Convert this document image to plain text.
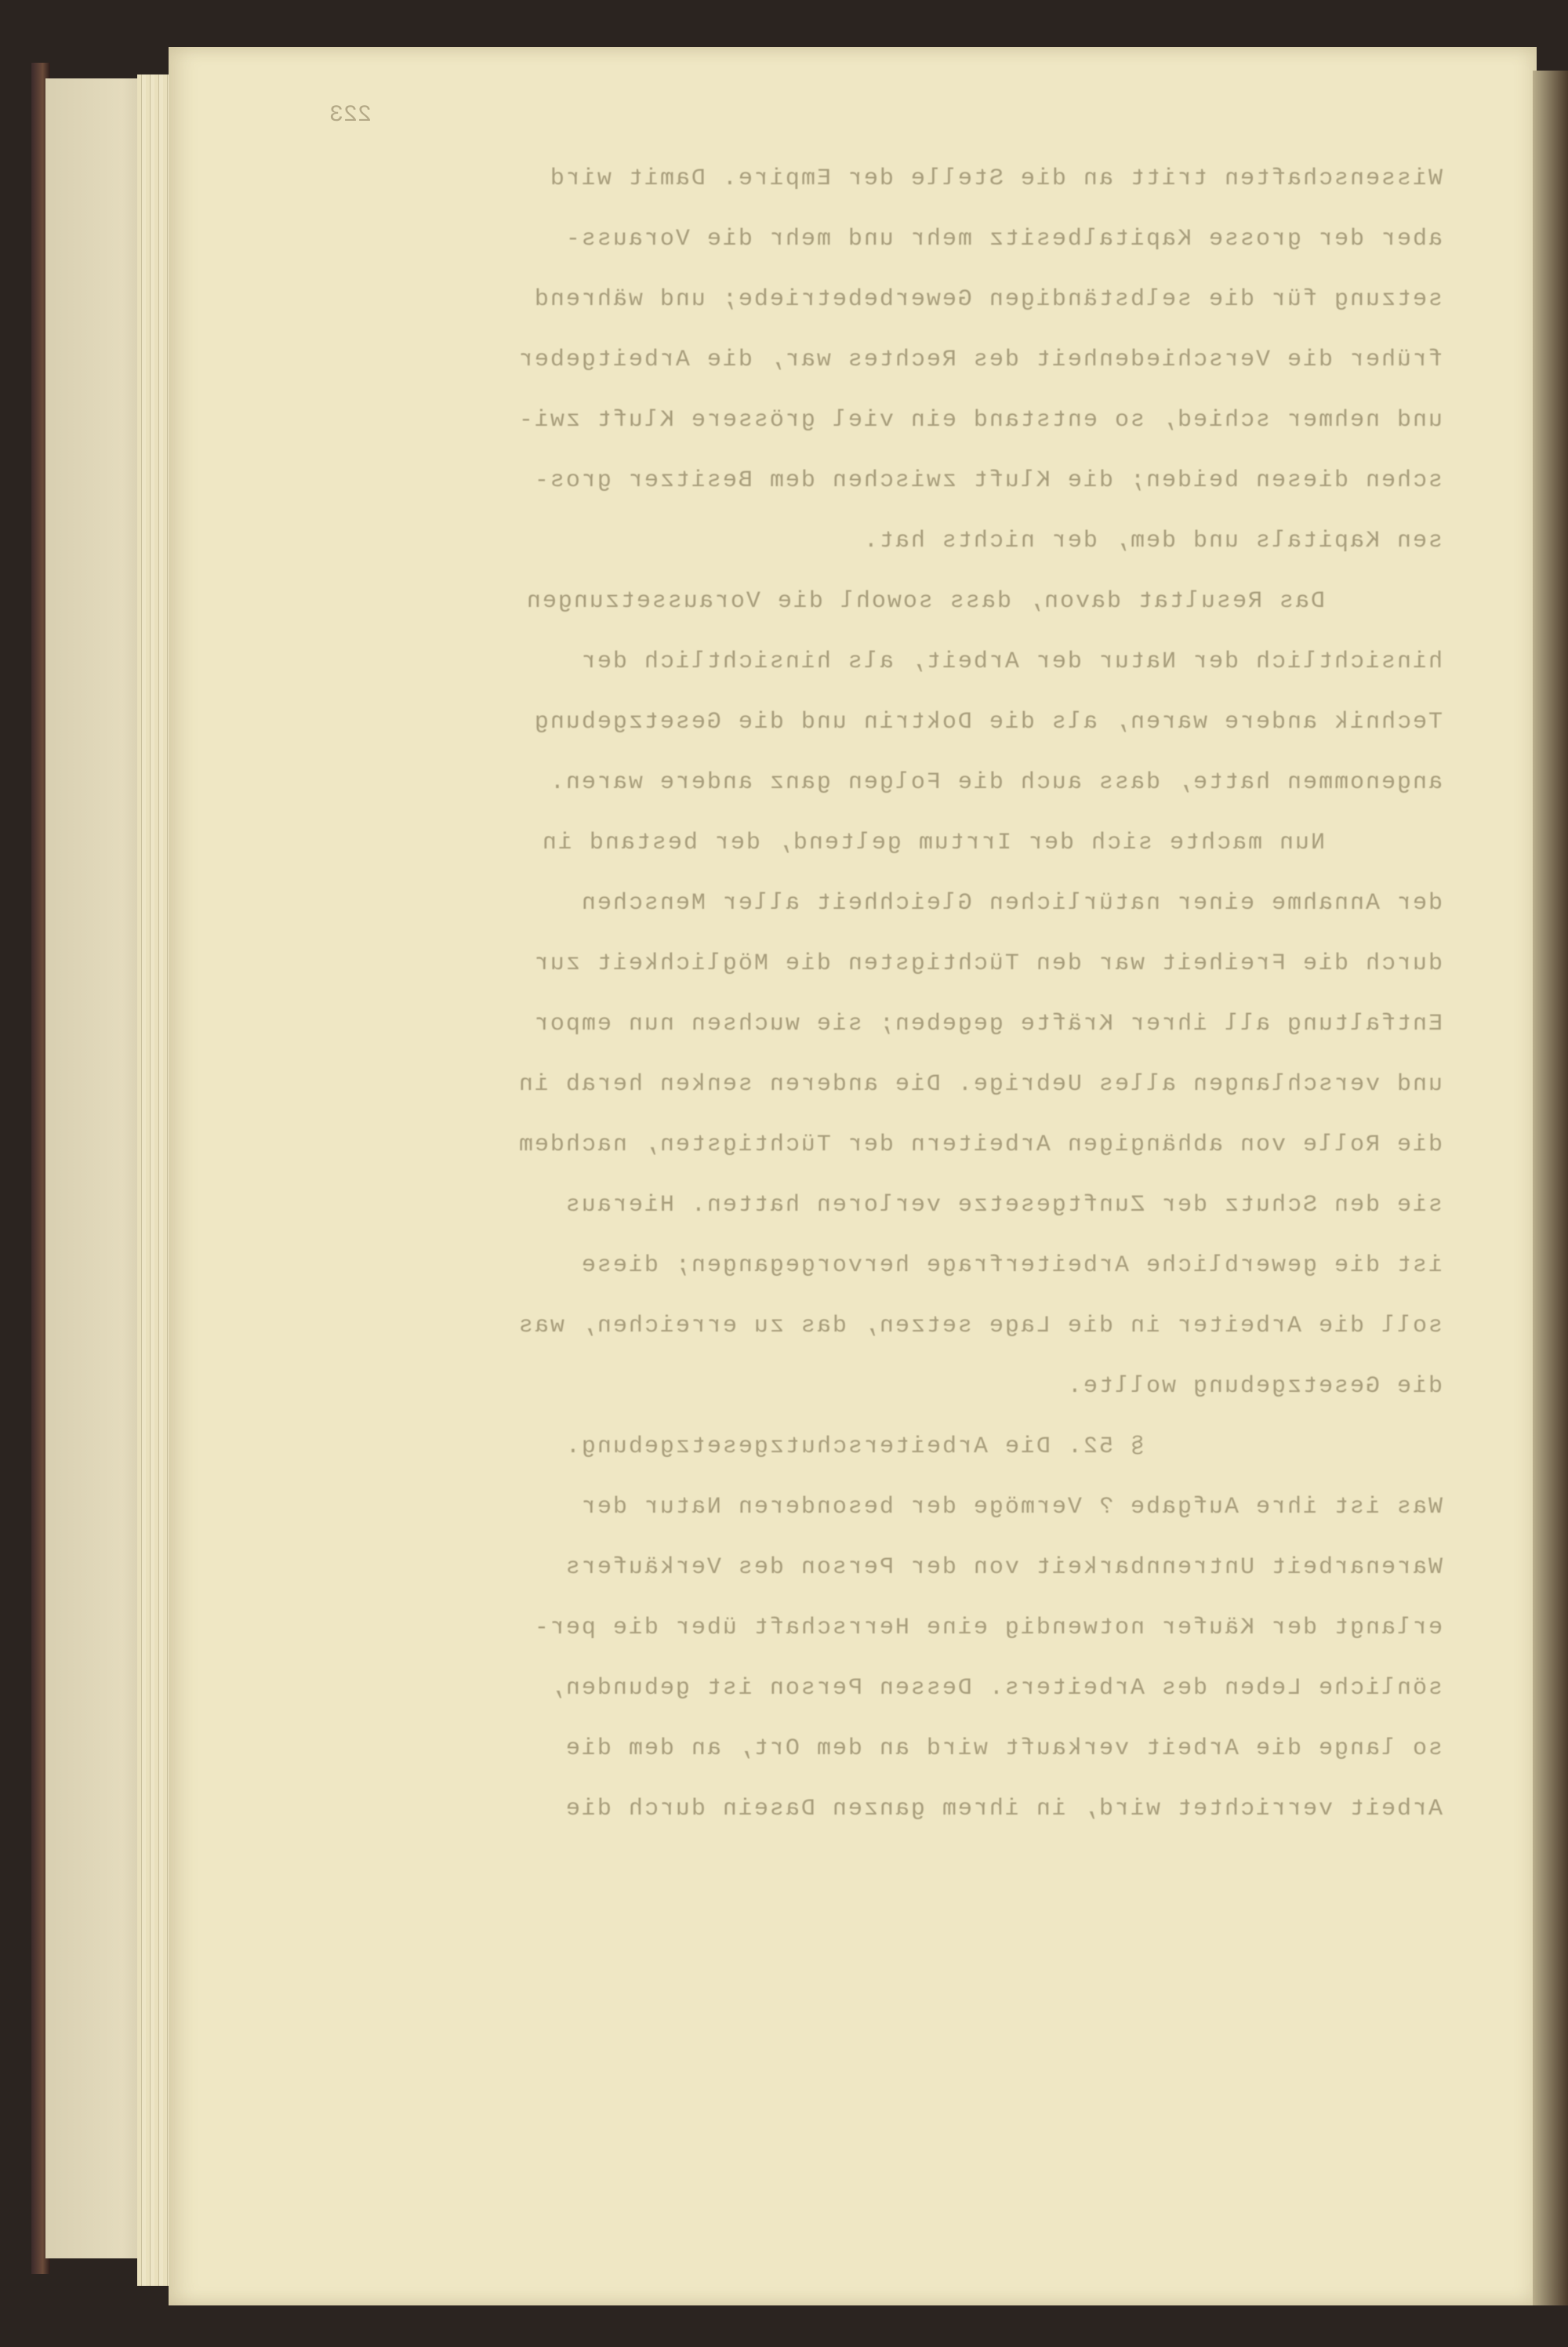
223
Wissenschaften tritt an die Stelle der Empire. Damit wird
aber der grosse Kapitalbesitz mehr und mehr die Vorauss-
setzung für die selbständigen Gewerbebetriebe; und während
früher die Verschiedenheit des Rechtes war, die Arbeitgeber
und nehmer schied, so entstand ein viel grössere Kluft zwi-
schen diesen beiden; die Kluft zwischen dem Besitzer gros-
sen Kapitals und dem, der nichts hat.
Das Resultat davon, dass sowohl die Voraussetzungen
hinsichtlich der Natur der Arbeit, als hinsichtlich der
Technik andere waren, als die Doktrin und die Gesetzgebung
angenommen hatte, dass auch die Folgen ganz andere waren.
Nun machte sich der Irrtum geltend, der bestand in
der Annahme einer natürlichen Gleichheit aller Menschen
durch die Freiheit war den Tüchtigsten die Möglichkeit zur
Entfaltung all ihrer Kräfte gegeben; sie wuchsen nun empor
und verschlangen alles Uebrige. Die anderen senken herab in
die Rolle von abhängigen Arbeitern der Tüchtigsten, nachdem
sie den Schutz der Zunftgesetze verloren hatten. Hieraus
ist die gewerbliche Arbeiterfrage hervorgegangen; diese
soll die Arbeiter in die Lage setzen, das zu erreichen, was
die Gesetzgebung wollte.
§ 52. Die Arbeiterschutzgesetzgebung.
Was ist ihre Aufgabe ? Vermöge der besonderen Natur der
Warenarbeit Untrennbarkeit von der Person des Verkäufers
erlangt der Käufer notwendig eine Herrschaft über die per-
sönliche Leben des Arbeiters. Dessen Person ist gebunden,
so lange die Arbeit verkauft wird an dem Ort, an dem die
Arbeit verrichtet wird, in ihrem ganzen Dasein durch die
